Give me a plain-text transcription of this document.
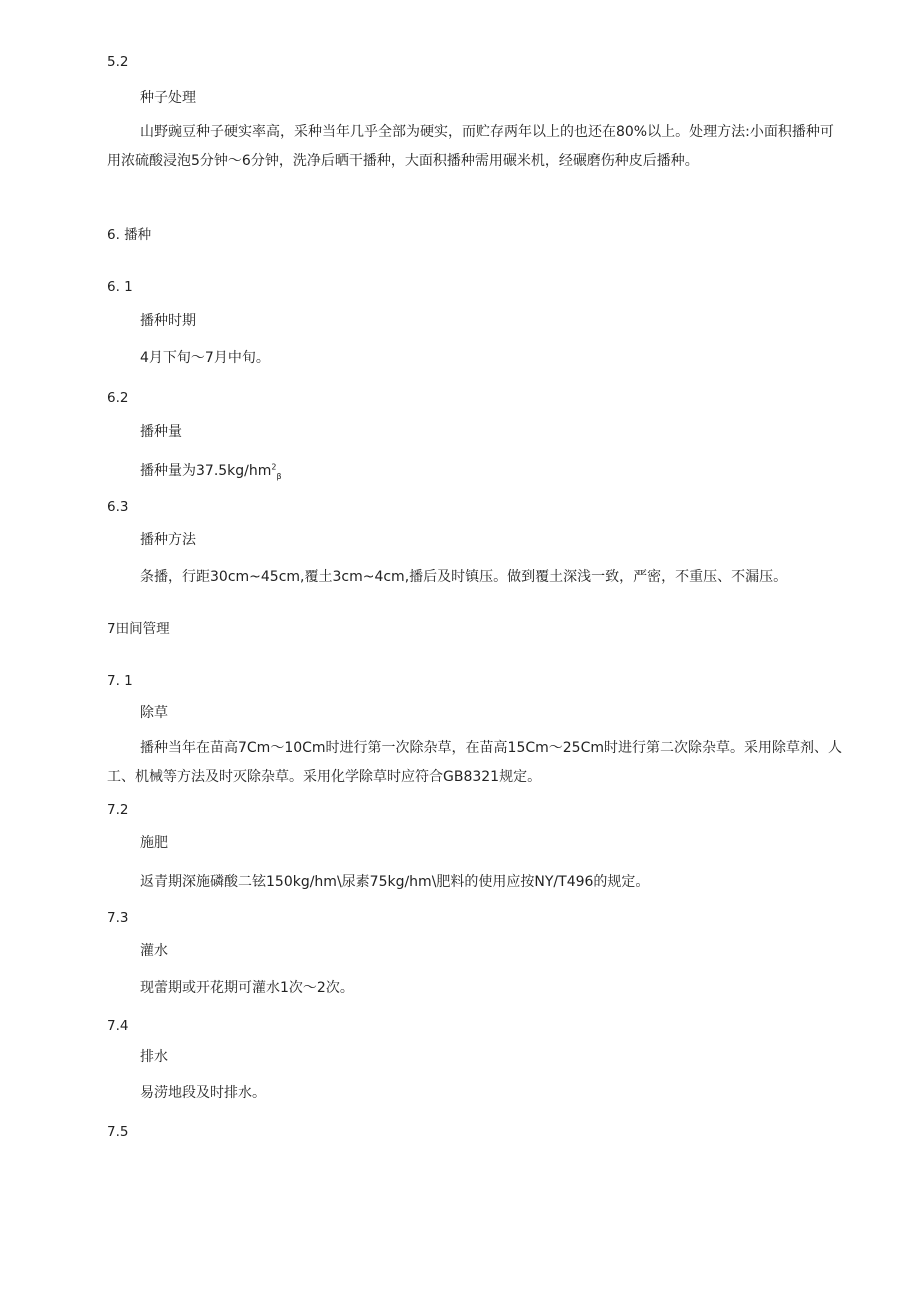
5.2
种子处理
山野豌豆种子硬实率高，采种当年几乎全部为硬实，而贮存两年以上的也还在80%以上。处理方法:小面积播种可用浓硫酸浸泡5分钟～6分钟，洗净后晒干播种，大面积播种需用碾米机，经碾磨伤种皮后播种。
6. 播种
6. 1
播种时期
4月下旬～7月中旬。
6.2
播种量
播种量为$37.5kg∕hm^2_\beta$
6.3
播种方法
条播，行距30cm~45cm,覆土3cm~4cm,播后及时镇压。做到覆土深浅一致，严密，不重压、不漏压。
7田间管理
7. 1
除草
播种当年在苗高7Cm～10Cm时进行第一次除杂草，在苗高15Cm～25Cm时进行第二次除杂草。采用除草剂、人工、机械等方法及时灭除杂草。采用化学除草时应符合GB8321规定。
7.2
施肥
返青期深施磷酸二铉150kg∕hm\尿素75kg∕hm\肥料的使用应按NY/T496的规定。
7.3
灌水
现蕾期或开花期可灌水1次～2次。
7.4
排水
易涝地段及时排水。
7.5
